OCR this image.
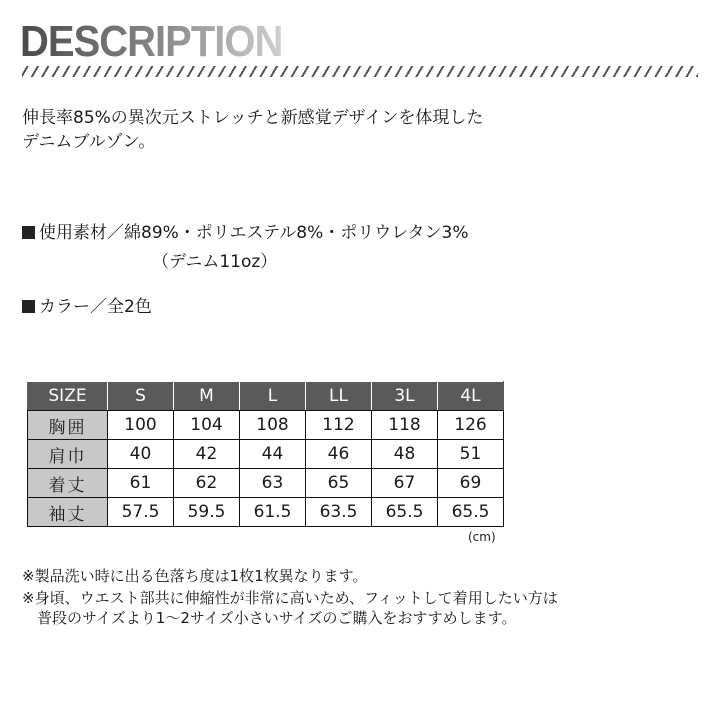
DESCRIPTION
伸長率85%の異次元ストレッチと新感覚デザインを体現した
デニムブルゾン。
使用素材／綿89%・ポリエステル8%・ポリウレタン3%
（デニム11oz）
カラー／全2色
SIZE	S	M	L	LL	3L	4L
胸囲	100	104	108	112	118	126
肩巾	40	42	44	46	48	51
着丈	61	62	63	65	67	69
袖丈	57.5	59.5	61.5	63.5	65.5	65.5
(cm)
※製品洗い時に出る色落ち度は1枚1枚異なります。
※身頃、ウエスト部共に伸縮性が非常に高いため、フィットして着用したい方は
　普段のサイズより1～2サイズ小さいサイズのご購入をおすすめします。
